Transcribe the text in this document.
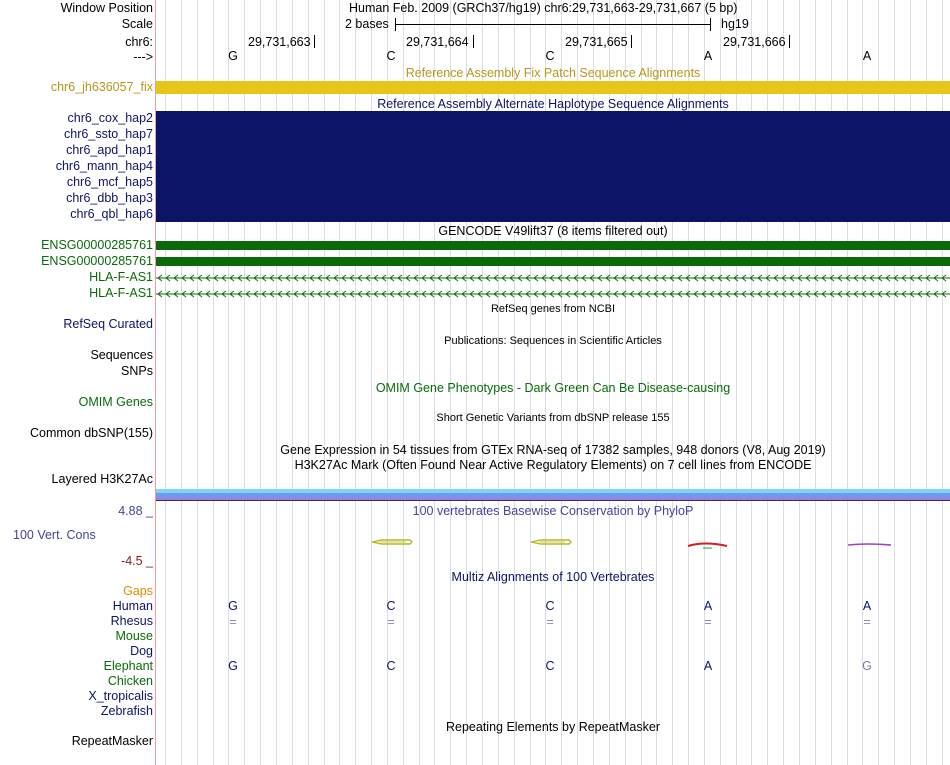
Window Position	Human Feb. 2009 (GRCh37/hg19) chr6:29,731,663-29,731,667 (5 bp)
Scale	2 bases	hg19
chr6:	29,731,663	29,731,664	29,731,665	29,731,666
--->	G	C	C	A	A
Reference Assembly Fix Patch Sequence Alignments
chr6_jh636057_fix
Reference Assembly Alternate Haplotype Sequence Alignments
chr6_cox_hap2
chr6_ssto_hap7
chr6_apd_hap1
chr6_mann_hap4
chr6_mcf_hap5
chr6_dbb_hap3
chr6_qbl_hap6
GENCODE V49lift37 (8 items filtered out)
ENSG00000285761
ENSG00000285761
HLA-F-AS1
HLA-F-AS1
RefSeq genes from NCBI
RefSeq Curated
Publications: Sequences in Scientific Articles
Sequences
SNPs
OMIM Gene Phenotypes - Dark Green Can Be Disease-causing
OMIM Genes
Short Genetic Variants from dbSNP release 155
Common dbSNP(155)
Gene Expression in 54 tissues from GTEx RNA-seq of 17382 samples, 948 donors (V8, Aug 2019)
H3K27Ac Mark (Often Found Near Active Regulatory Elements) on 7 cell lines from ENCODE
Layered H3K27Ac
100 vertebrates Basewise Conservation by PhyloP
4.88 _
100 Vert. Cons
-4.5 _
Multiz Alignments of 100 Vertebrates
Gaps
Human	G	C	C	A	A
Rhesus	=	=	=	=	=
Mouse
Dog
Elephant	G	C	C	A	G
Chicken
X_tropicalis
Zebrafish
Repeating Elements by RepeatMasker
RepeatMasker
